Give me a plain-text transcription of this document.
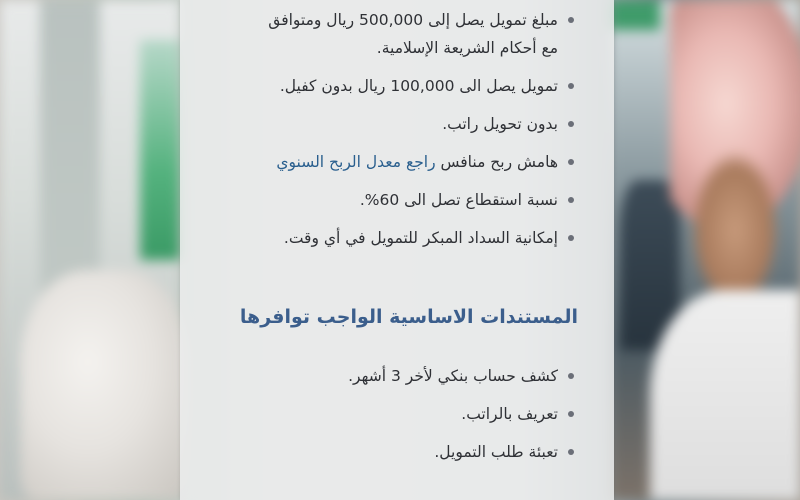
مبلغ تمويل يصل إلى 500,000 ريال ومتوافق
مع أحكام الشريعة الإسلامية.
تمويل يصل الى 100,000 ريال بدون كفيل.
بدون تحويل راتب.
هامش ربح منافس راجع معدل الربح السنوي
نسبة استقطاع تصل الى 60%.
إمكانية السداد المبكر للتمويل في أي وقت.
المستندات الاساسية الواجب توافرها
كشف حساب بنكي لأخر 3 أشهر.
تعريف بالراتب.
تعبئة طلب التمويل.
